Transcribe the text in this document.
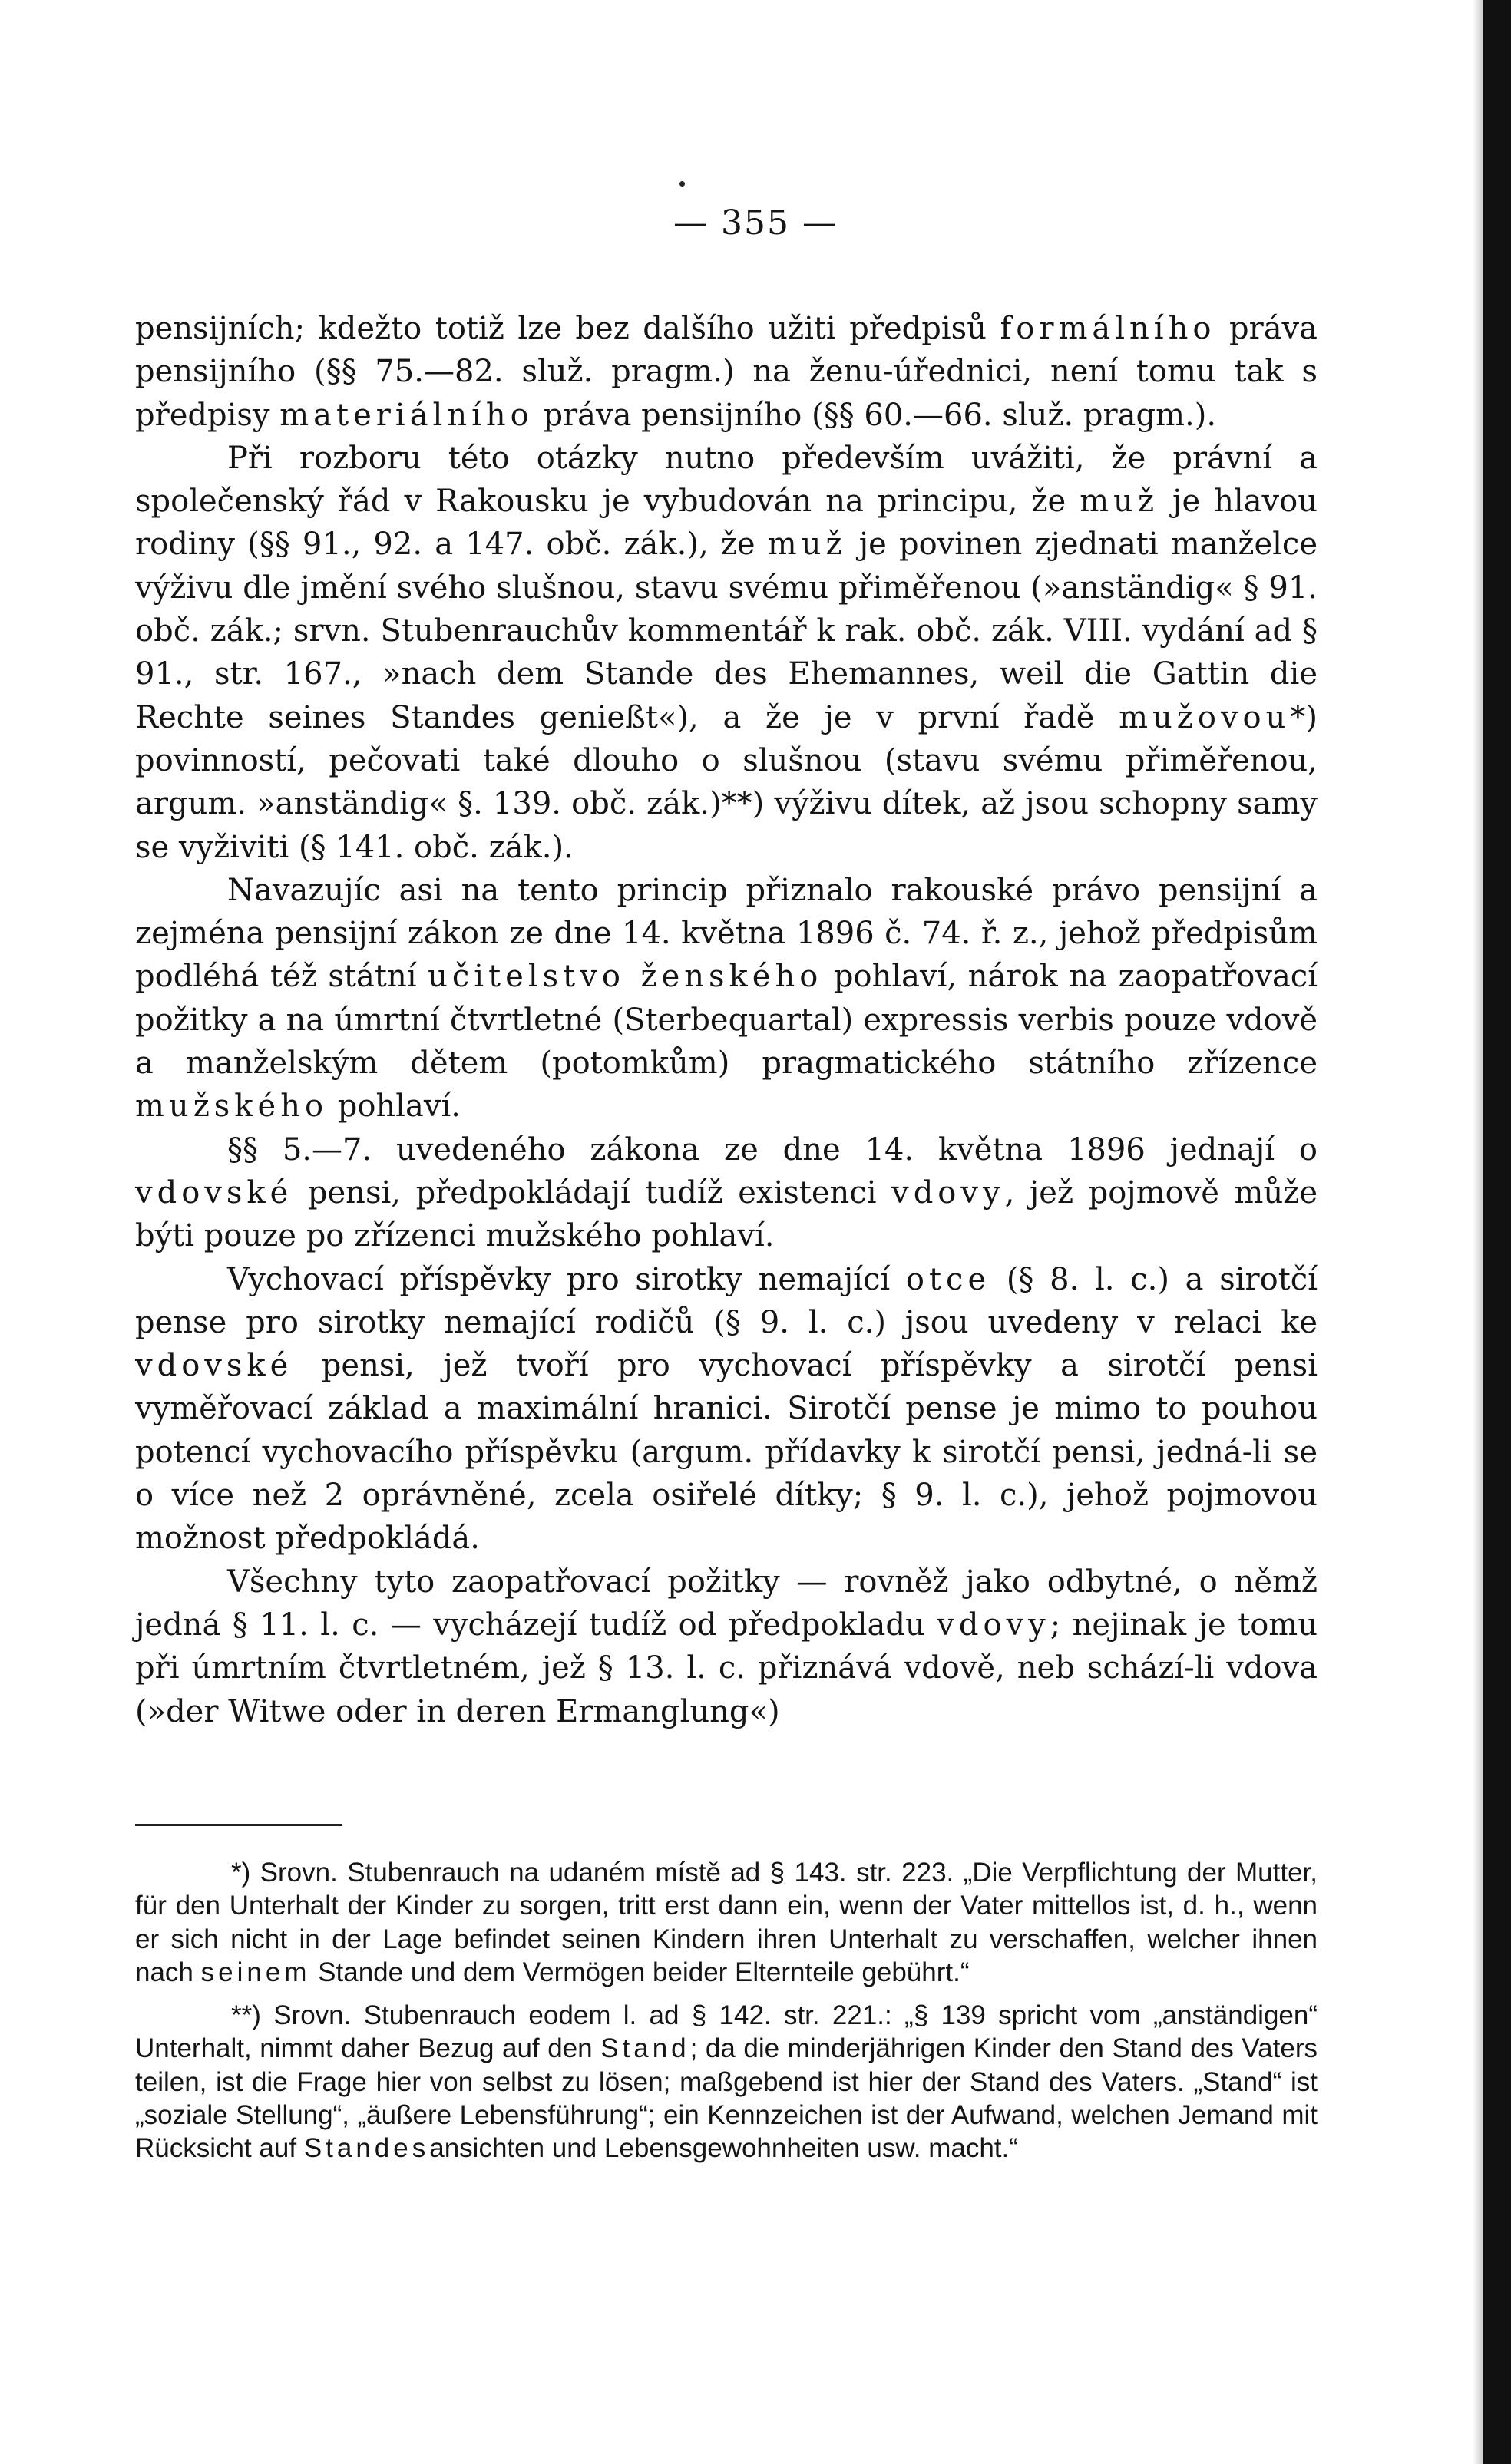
— 355 —

pensijních; kdežto totiž lze bez dalšího užiti předpisů formálního práva pensijního (§§ 75.—82. služ. pragm.) na ženu-úřednici, není tomu tak s předpisy materiálního práva pensijního (§§ 60.—66. služ. pragm.).

Při rozboru této otázky nutno především uvážiti, že právní a společenský řád v Rakousku je vybudován na principu, že muž je hlavou rodiny (§§ 91., 92. a 147. obč. zák.), že muž je povinen zjednati manželce výživu dle jmění svého slušnou, stavu svému přiměřenou (»anständig« § 91. obč. zák.; srvn. Stubenrauchův kommentář k rak. obč. zák. VIII. vydání ad § 91., str. 167., »nach dem Stande des Ehemannes, weil die Gattin die Rechte seines Standes genießt«), a že je v první řadě mužovou*) povinností, pečovati také dlouho o slušnou (stavu svému přiměřenou, argum. »anständig« §. 139. obč. zák.)**) výživu dítek, až jsou schopny samy se vyživiti (§ 141. obč. zák.).

Navazujíc asi na tento princip přiznalo rakouské právo pensijní a zejména pensijní zákon ze dne 14. května 1896 č. 74. ř. z., jehož předpisům podléhá též státní učitelstvo ženského pohlaví, nárok na zaopatřovací požitky a na úmrtní čtvrtletné (Sterbequartal) expressis verbis pouze vdově a manželským dětem (potomkům) pragmatického státního zřízence mužského pohlaví.

§§ 5.—7. uvedeného zákona ze dne 14. května 1896 jednají o vdovské pensi, předpokládají tudíž existenci vdovy, jež pojmově může býti pouze po zřízenci mužského pohlaví.

Vychovací příspěvky pro sirotky nemající otce (§ 8. l. c.) a sirotčí pense pro sirotky nemající rodičů (§ 9. l. c.) jsou uvedeny v relaci ke vdovské pensi, jež tvoří pro vychovací příspěvky a sirotčí pensi vyměřovací základ a maximální hranici. Sirotčí pense je mimo to pouhou potencí vychovacího příspěvku (argum. přídavky k sirotčí pensi, jedná-li se o více než 2 oprávněné, zcela osiřelé dítky; § 9. l. c.), jehož pojmovou možnost předpokládá.

Všechny tyto zaopatřovací požitky — rovněž jako odbytné, o němž jedná § 11. l. c. — vycházejí tudíž od předpokladu vdovy; nejinak je tomu při úmrtním čtvrtletném, jež § 13. l. c. přiznává vdově, neb schází-li vdova (»der Witwe oder in deren Ermanglung«)

*) Srovn. Stubenrauch na udaném místě ad § 143. str. 223. „Die Verpflichtung der Mutter, für den Unterhalt der Kinder zu sorgen, tritt erst dann ein, wenn der Vater mittellos ist, d. h., wenn er sich nicht in der Lage befindet seinen Kindern ihren Unterhalt zu verschaffen, welcher ihnen nach seinem Stande und dem Vermögen beider Elternteile gebührt.“

**) Srovn. Stubenrauch eodem l. ad § 142. str. 221.: „§ 139 spricht vom „anständigen“ Unterhalt, nimmt daher Bezug auf den Stand; da die minderjährigen Kinder den Stand des Vaters teilen, ist die Frage hier von selbst zu lösen; maßgebend ist hier der Stand des Vaters. „Stand“ ist „soziale Stellung“, „äußere Lebensführung“; ein Kennzeichen ist der Aufwand, welchen Jemand mit Rücksicht auf Standesansichten und Lebensgewohnheiten usw. macht.“
